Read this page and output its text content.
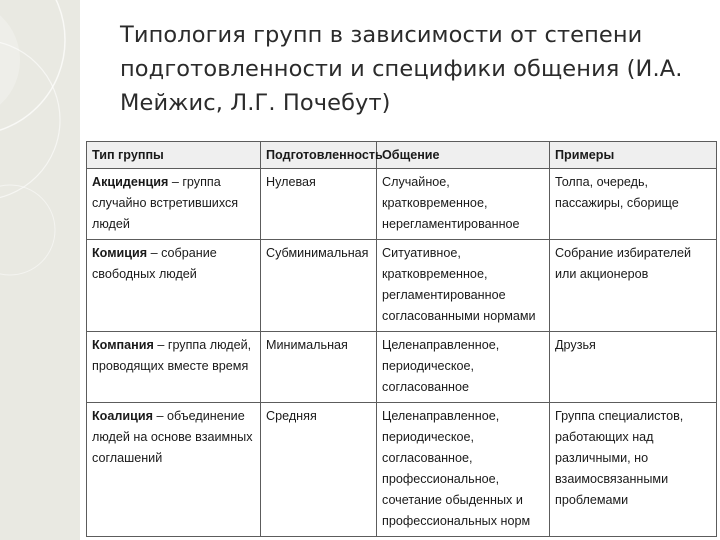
Типология групп в зависимости от степени подготовленности и специфики общения (И.А. Мейжис, Л.Г. Почебут)
Тип группы	Подготовленность	Общение	Примеры
Акциденция – группа случайно встретившихся людей	Нулевая	Случайное, кратковременное, нерегламентированное	Толпа, очередь, пассажиры, сборище
Комиция – собрание свободных людей	Субминимальная	Ситуативное, кратковременное, регламентированное согласованными нормами	Собрание избирателей или акционеров
Компания – группа людей, проводящих вместе время	Минимальная	Целенаправленное, периодическое, согласованное	Друзья
Коалиция – объединение людей на основе взаимных соглашений	Средняя	Целенаправленное, периодическое, согласованное, профессиональное, сочетание обыденных и профессиональных норм	Группа специалистов, работающих над различными, но взаимосвязанными проблемами
